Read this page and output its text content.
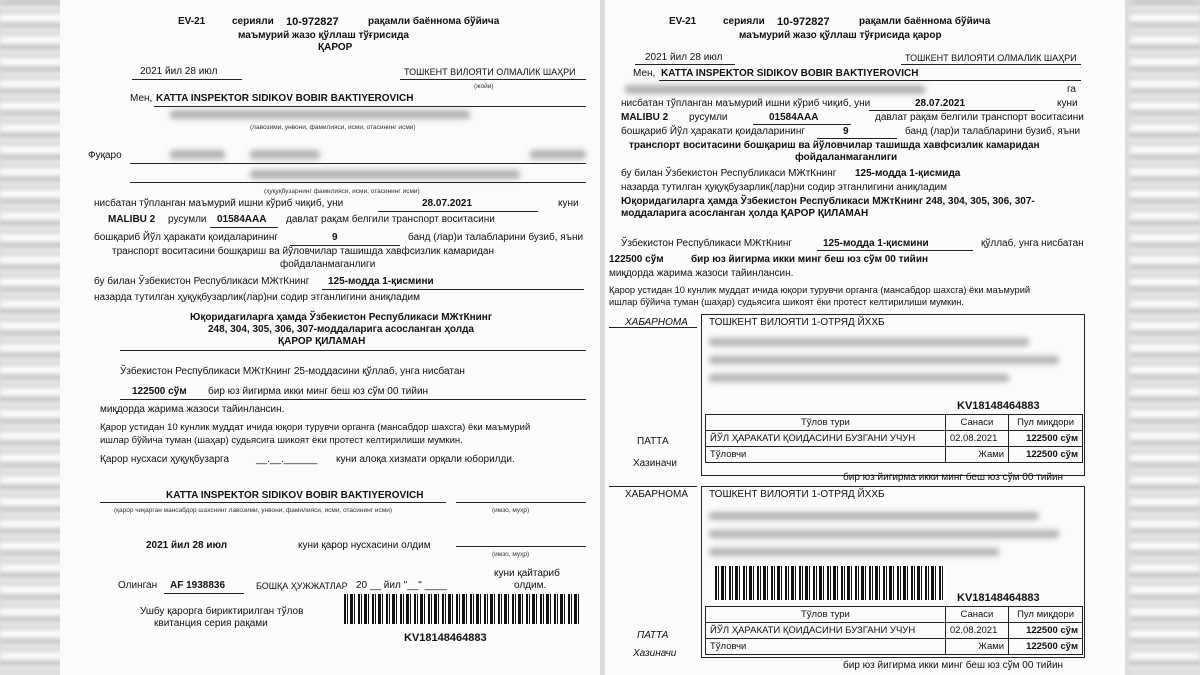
EV-21	серияли 10-972827	рақамли баённома бўйича
маъмурий жазо қўллаш тўғрисида
ҚАРОР
2021 йил 28 июл	ТОШКЕНТ ВИЛОЯТИ ОЛМАЛИК ШАҲРИ
(жойи)
Мен, KATTA INSPEKTOR SIDIKOV BOBIR BAKTIYEROVICH
(лавозими, унвони, фамилияси, исми, отасининг исми)
Фуқаро
(ҳуқуқбузарнинг фамилияси, исми, отасининг исми)
нисбатан тўпланган маъмурий ишни кўриб чиқиб, уни	28.07.2021	куни
MALIBU 2 русумли 01584AAA давлат рақам белгили транспорт воситасини
бошқариб Йўл ҳаракати қоидаларининг	9	банд (лар)и талабларини бузиб, яъни
транспорт воситасини бошқариш ва йўловчилар ташишда хавфсизлик камаридан
фойдаланмаганлиги
бу билан Ўзбекистон Республикаси МЖтКнинг 125-модда 1-қисмини
назарда тутилган ҳуқуқбузарлик(лар)ни содир этганлигини аниқладим
Юқоридагиларга ҳамда Ўзбекистон Республикаси МЖтКнинг
248, 304, 305, 306, 307-моддаларига асосланган ҳолда
ҚАРОР ҚИЛАМАН
Ўзбекистон Республикаси МЖтКнинг 25-моддасини қўллаб, унга нисбатан
122500 сўм бир юз йигирма икки минг беш юз сўм 00 тийин
миқдорда жарима жазоси тайинлансин.
Қарор устидан 10 кунлик муддат ичида юқори турувчи органга (мансабдор шахсга) ёки маъмурий
ишлар бўйича туман (шаҳар) судьясига шикоят ёки протест келтирилиши мумкин.
Қарор нусхаси ҳуқуқбузарга	__.__.______ куни алоқа хизмати орқали юборилди.
KATTA INSPEKTOR SIDIKOV BOBIR BAKTIYEROVICH
(қарор чиқарган мансабдор шахснинг лавозими, унвони, фамилияси, исми, отасининг исми)	(имзо, муҳр)
2021 йил 28 июл	куни қарор нусхасини олдим
(имзо, муҳр)
Олинган AF 1938836	БОШҚА ҲУЖЖАТЛАР 20 __ йил "__" ____
куни қайтариб
олдим.
Ушбу қарорга бириктирилган тўлов
квитанция серия рақами
KV18148464883
EV-21	серияли 10-972827	рақамли баённома бўйича
маъмурий жазо қўллаш тўғрисида қарор
2021 йил 28 июл	ТОШКЕНТ ВИЛОЯТИ ОЛМАЛИК ШАҲРИ
Мен, KATTA INSPEKTOR SIDIKOV BOBIR BAKTIYEROVICH
га
нисбатан тўпланган маъмурий ишни кўриб чиқиб, уни	28.07.2021	куни
MALIBU 2 русумли	01584AAA	давлат рақам белгили транспорт воситасини
бошқариб Йўл ҳаракати қоидаларининг	9	банд (лар)и талабларини бузиб, яъни
транспорт воситасини бошқариш ва йўловчилар ташишда хавфсизлик камаридан
фойдаланмаганлиги
бу билан Ўзбекистон Республикаси МЖтКнинг 125-модда 1-қисмида
назарда тутилган ҳуқуқбузарлик(лар)ни содир этганлигини аниқладим
Юқоридагиларга ҳамда Ўзбекистон Республикаси МЖтКнинг 248, 304, 305, 306, 307-
моддаларига асосланган ҳолда ҚАРОР ҚИЛАМАН
Ўзбекистон Республикаси МЖтКнинг	125-модда 1-қисмини	қўллаб, унга нисбатан
122500 сўм	бир юз йигирма икки минг беш юз сўм 00 тийин
миқдорда жарима жазоси тайинлансин.
Қарор устидан 10 кунлик муддат ичида юқори турувчи органга (мансабдор шахсга) ёки маъмурий
ишлар бўйича туман (шаҳар) судьясига шикоят ёки протест келтирилиши мумкин.
ХАБАРНОМА ТОШКЕНТ ВИЛОЯТИ 1-ОТРЯД ЙХХБ
KV18148464883
Тўлов тури	Санаси	Пул миқдори
ЙЎЛ ҲАРАКАТИ ҚОИДАСИНИ БУЗГАНИ УЧУН	02.08.2021	122500 сўм
Тўловчи	Жами	122500 сўм
ПАТТА
Хазиначи
бир юз йигирма икки минг беш юз сўм 00 тийин
ХАБАРНОМА ТОШКЕНТ ВИЛОЯТИ 1-ОТРЯД ЙХХБ
KV18148464883
Тўлов тури	Санаси	Пул миқдори
ЙЎЛ ҲАРАКАТИ ҚОИДАСИНИ БУЗГАНИ УЧУН	02.08.2021	122500 сўм
Тўловчи	Жами	122500 сўм
ПАТТА
Хазиначи
бир юз йигирма икки минг беш юз сўм 00 тийин
